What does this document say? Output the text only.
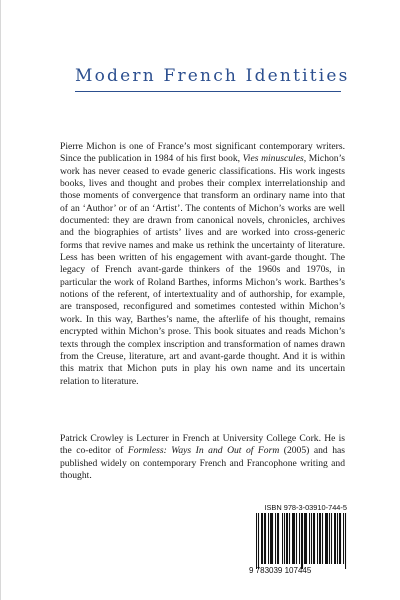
Modern French Identities

Pierre Michon is one of France’s most significant contemporary writers. Since the publication in 1984 of his first book, Vies minuscules, Michon’s work has never ceased to evade generic classifications. His work ingests books, lives and thought and probes their complex interrelationship and those moments of convergence that transform an ordinary name into that of an ‘Author’ or of an ‘Artist’. The contents of Michon’s works are well documented: they are drawn from canonical novels, chronicles, archives and the biographies of artists’ lives and are worked into cross-generic forms that revive names and make us rethink the uncertainty of literature. Less has been written of his engagement with avant-garde thought. The legacy of French avant-garde thinkers of the 1960s and 1970s, in particular the work of Roland Barthes, informs Michon’s work. Barthes’s notions of the referent, of intertextuality and of authorship, for example, are transposed, reconfigured and sometimes contested within Michon’s work. In this way, Barthes’s name, the afterlife of his thought, remains encrypted within Michon’s prose. This book situates and reads Michon’s texts through the complex inscription and transformation of names drawn from the Creuse, literature, art and avant-garde thought. And it is within this matrix that Michon puts in play his own name and its uncertain relation to literature.

Patrick Crowley is Lecturer in French at University College Cork. He is the co-editor of Formless: Ways In and Out of Form (2005) and has published widely on contemporary French and Francophone writing and thought.

ISBN 978-3-03910-744-5
9 783039 107445
